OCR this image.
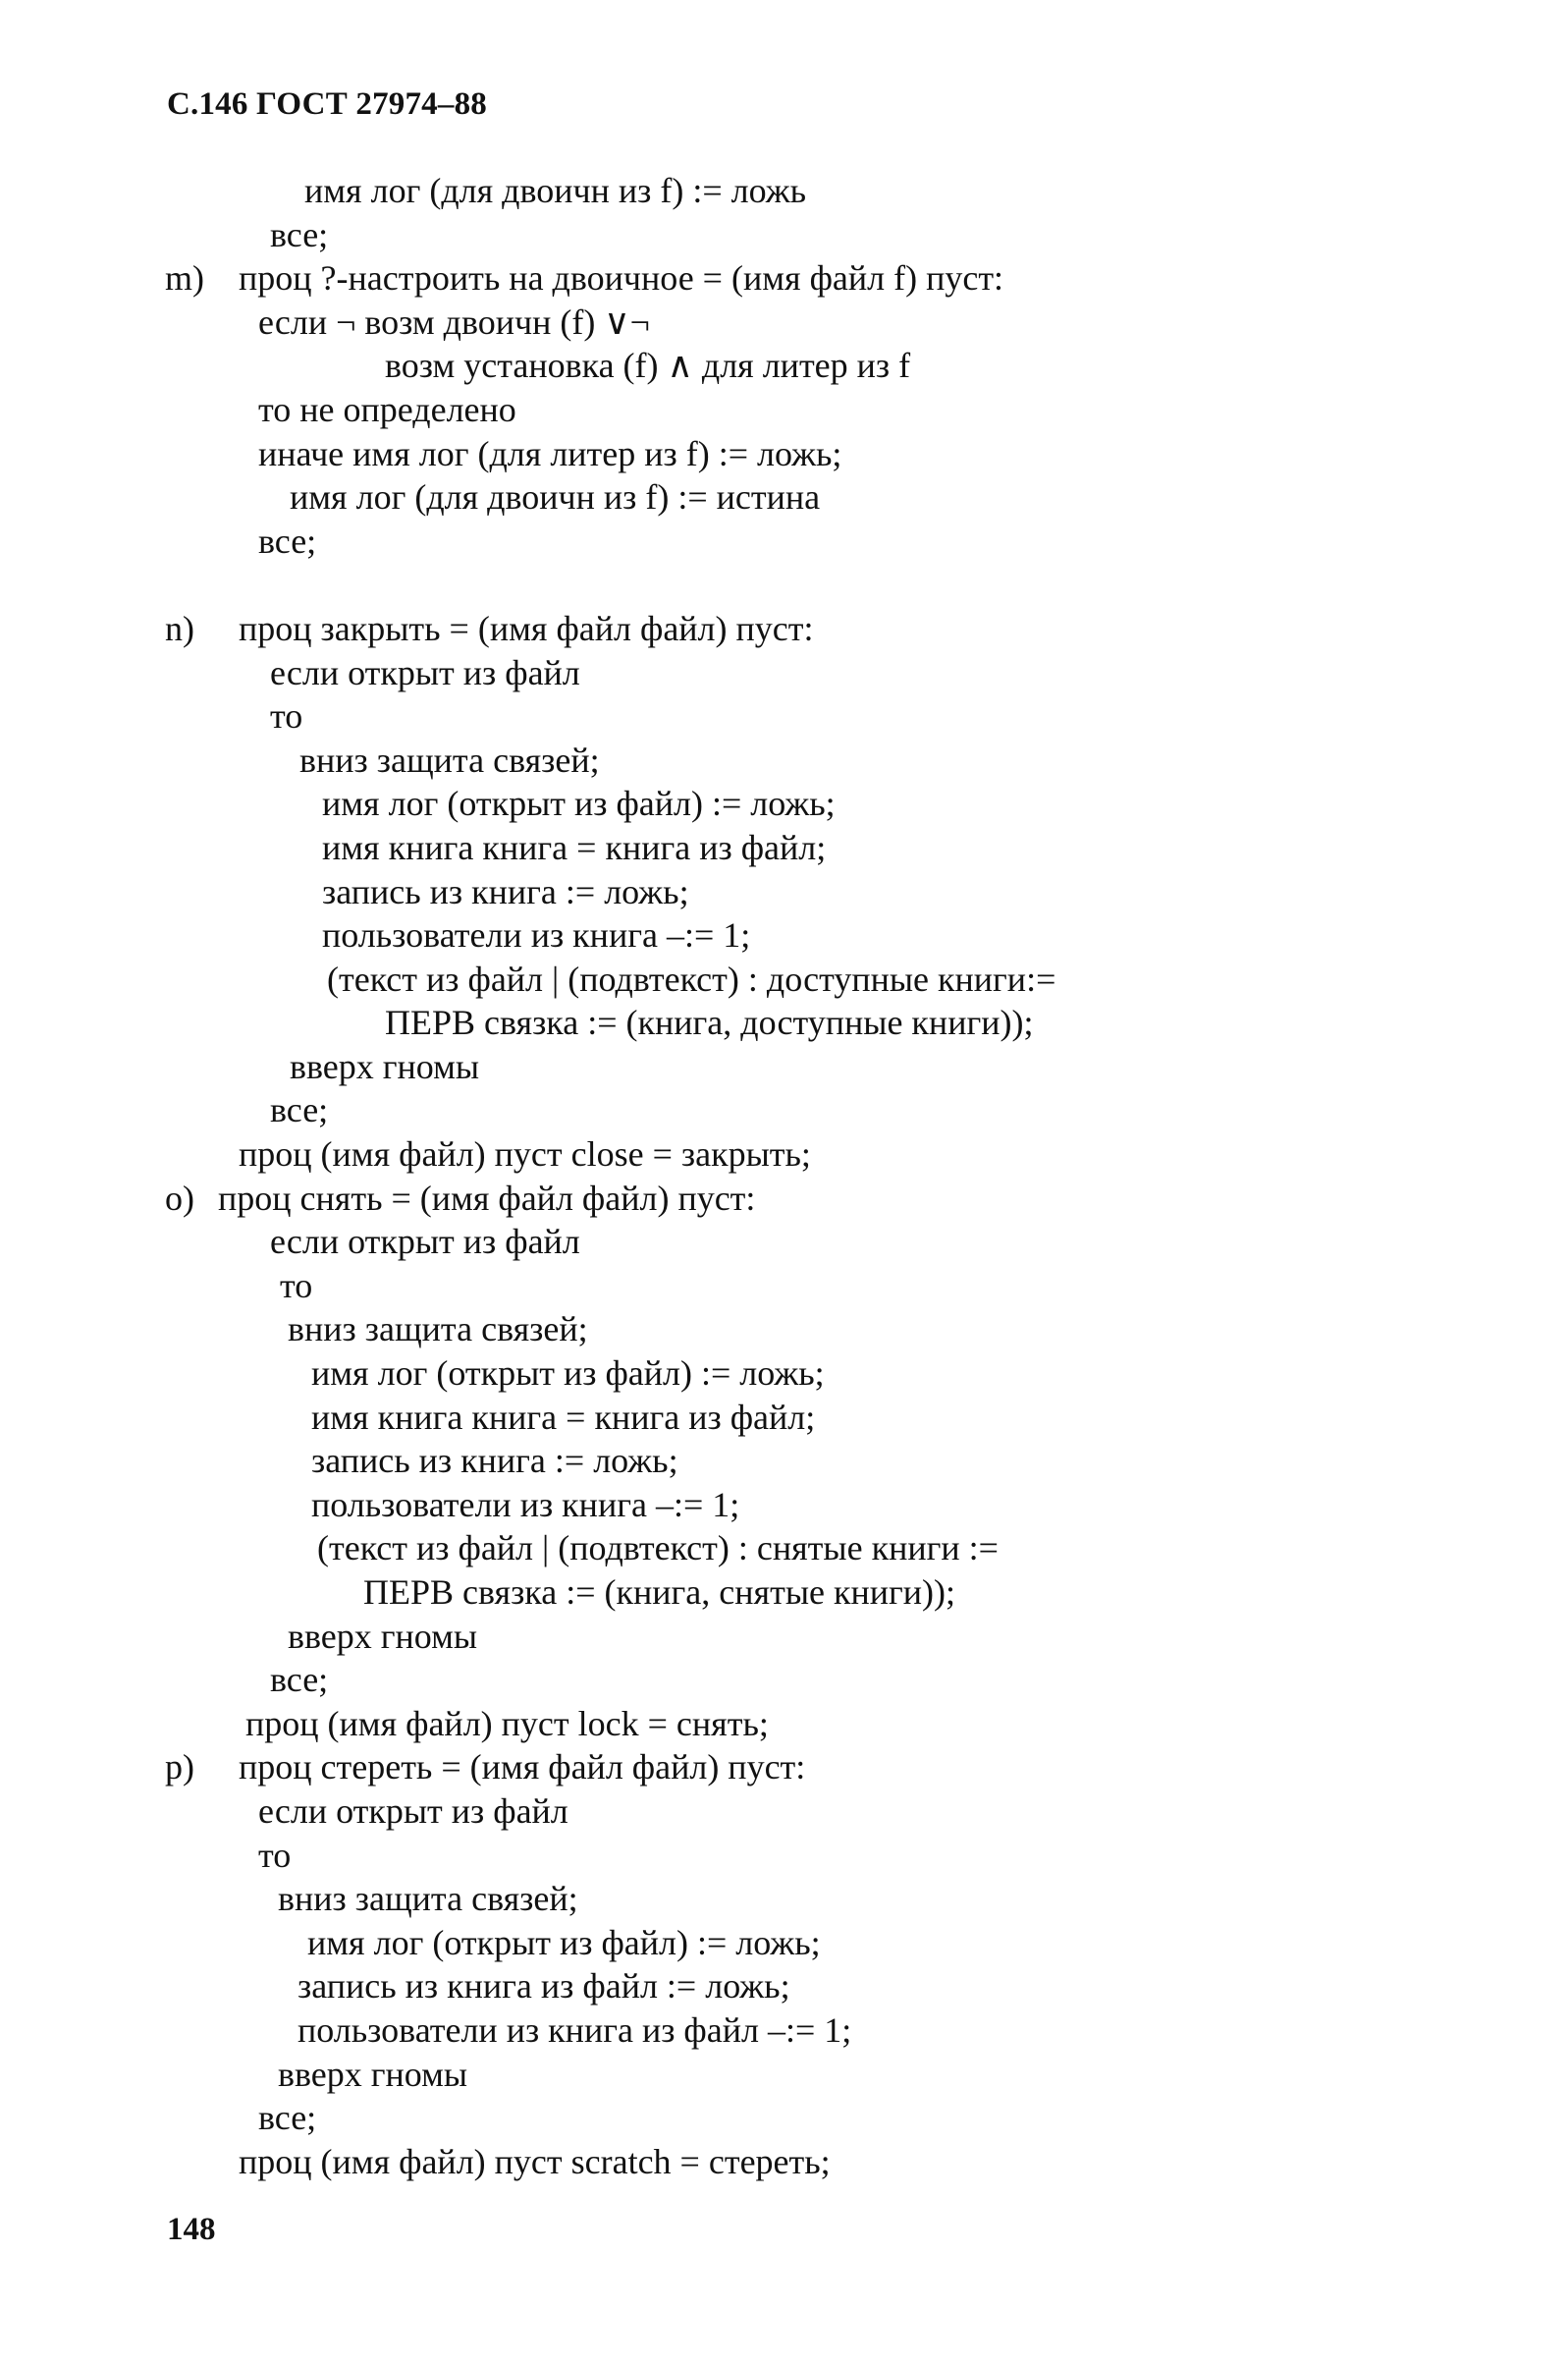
С.146 ГОСТ 27974–88
имя лог (для двоичн из f) := ложь
все;
m) проц ?-настроить на двоичное = (имя файл f) пуст:
если ¬ возм двоичн (f) ∨¬
возм установка (f) ∧ для литер из f
то не определено
иначе имя лог (для литер из f) := ложь;
имя лог (для двоичн из f) := истина
все;
n) проц закрыть = (имя файл файл) пуст:
если открыт из файл
то
вниз защита связей;
имя лог (открыт из файл) := ложь;
имя книга книга = книга из файл;
запись из книга := ложь;
пользователи из книга –:= 1;
(текст из файл | (подвтекст) : доступные книги:=
ПЕРВ связка := (книга, доступные книги));
вверх гномы
все;
проц (имя файл) пуст close = закрыть;
o) проц снять = (имя файл файл) пуст:
если открыт из файл
то
вниз защита связей;
имя лог (открыт из файл) := ложь;
имя книга книга = книга из файл;
запись из книга := ложь;
пользователи из книга –:= 1;
(текст из файл | (подвтекст) : снятые книги :=
ПЕРВ связка := (книга, снятые книги));
вверх гномы
все;
проц (имя файл) пуст lock = снять;
p) проц стереть = (имя файл файл) пуст:
если открыт из файл
то
вниз защита связей;
имя лог (открыт из файл) := ложь;
запись из книга из файл := ложь;
пользователи из книга из файл –:= 1;
вверх гномы
все;
проц (имя файл) пуст scratch = стереть;
148
